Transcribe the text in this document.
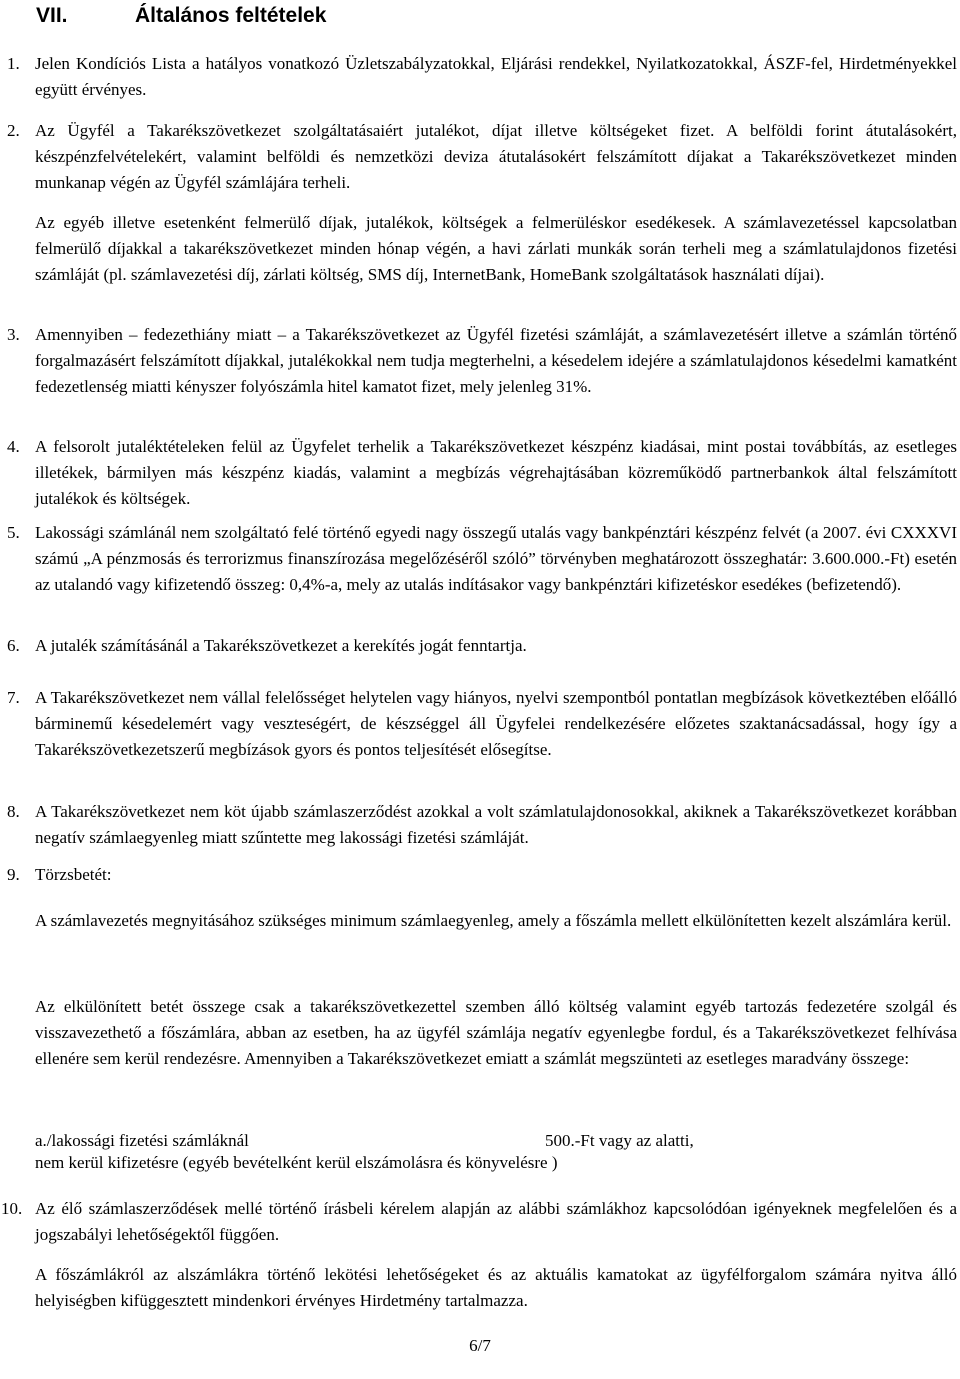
VII.	Általános feltételek
1. Jelen Kondíciós Lista a hatályos vonatkozó Üzletszabályzatokkal, Eljárási rendekkel, Nyilatkozatokkal, ÁSZF-fel, Hirdetményekkel együtt érvényes.

2. Az Ügyfél a Takarékszövetkezet szolgáltatásaiért jutalékot, díjat illetve költségeket fizet. A belföldi forint átutalásokért, készpénzfelvételekért, valamint belföldi és nemzetközi deviza átutalásokért felszámított díjakat a Takarékszövetkezet minden munkanap végén az Ügyfél számlájára terheli.

Az egyéb illetve esetenként felmerülő díjak, jutalékok, költségek a felmerüléskor esedékesek. A számlavezetéssel kapcsolatban felmerülő díjakkal a takarékszövetkezet minden hónap végén, a havi zárlati munkák során terheli meg a számlatulajdonos fizetési számláját (pl. számlavezetési díj, zárlati költség, SMS díj, InternetBank, HomeBank szolgáltatások használati díjai).

3. Amennyiben – fedezethiány miatt – a Takarékszövetkezet az Ügyfél fizetési számláját, a számlavezetésért illetve a számlán történő forgalmazásért felszámított díjakkal, jutalékokkal nem tudja megterhelni, a késedelem idejére a számlatulajdonos késedelmi kamatként fedezetlenség miatti kényszer folyószámla hitel kamatot fizet, mely jelenleg 31%.

4. A felsorolt jutaléktételeken felül az Ügyfelet terhelik a Takarékszövetkezet készpénz kiadásai, mint postai továbbítás, az esetleges illetékek, bármilyen más készpénz kiadás, valamint a megbízás végrehajtásában közreműködő partnerbankok által felszámított jutalékok és költségek.

5. Lakossági számlánál nem szolgáltató felé történő egyedi nagy összegű utalás vagy bankpénztári készpénz felvét (a 2007. évi CXXXVI számú „A pénzmosás és terrorizmus finanszírozása megelőzéséről szóló” törvényben meghatározott összeghatár: 3.600.000.-Ft) esetén az utalandó vagy kifizetendő összeg: 0,4%-a, mely az utalás indításakor vagy bankpénztári kifizetéskor esedékes (befizetendő).

6. A jutalék számításánál a Takarékszövetkezet a kerekítés jogát fenntartja.

7. A Takarékszövetkezet nem vállal felelősséget helytelen vagy hiányos, nyelvi szempontból pontatlan megbízások következtében előálló bárminemű késedelemért vagy veszteségért, de készséggel áll Ügyfelei rendelkezésére előzetes szaktanácsadással, hogy így a Takarékszövetkezetszerű megbízások gyors és pontos teljesítését elősegítse.

8. A Takarékszövetkezet nem köt újabb számlaszerződést azokkal a volt számlatulajdonosokkal, akiknek a Takarékszövetkezet korábban negatív számlaegyenleg miatt szűntette meg lakossági fizetési számláját.

9. Törzsbetét:

A számlavezetés megnyitásához szükséges minimum számlaegyenleg, amely a főszámla mellett elkülönítetten kezelt alszámlára kerül.

Az elkülönített betét összege csak a takarékszövetkezettel szemben álló költség valamint egyéb tartozás fedezetére szolgál és visszavezethető a főszámlára, abban az esetben, ha az ügyfél számlája negatív egyenlegbe fordul, és a Takarékszövetkezet felhívása ellenére sem kerül rendezésre. Amennyiben a Takarékszövetkezet emiatt a számlát megszünteti az esetleges maradvány összege:

a./lakossági fizetési számláknál	500.-Ft vagy az alatti,
nem kerül kifizetésre (egyéb bevételként kerül elszámolásra és könyvelésre )
10. Az élő számlaszerződések mellé történő írásbeli kérelem alapján az alábbi számlákhoz kapcsolódóan igényeknek megfelelően és a jogszabályi lehetőségektől függően.

A főszámlákról az alszámlákra történő lekötési lehetőségeket és az aktuális kamatokat az ügyfélforgalom számára nyitva álló helyiségben kifüggesztett mindenkori érvényes Hirdetmény tartalmazza.

6/7
